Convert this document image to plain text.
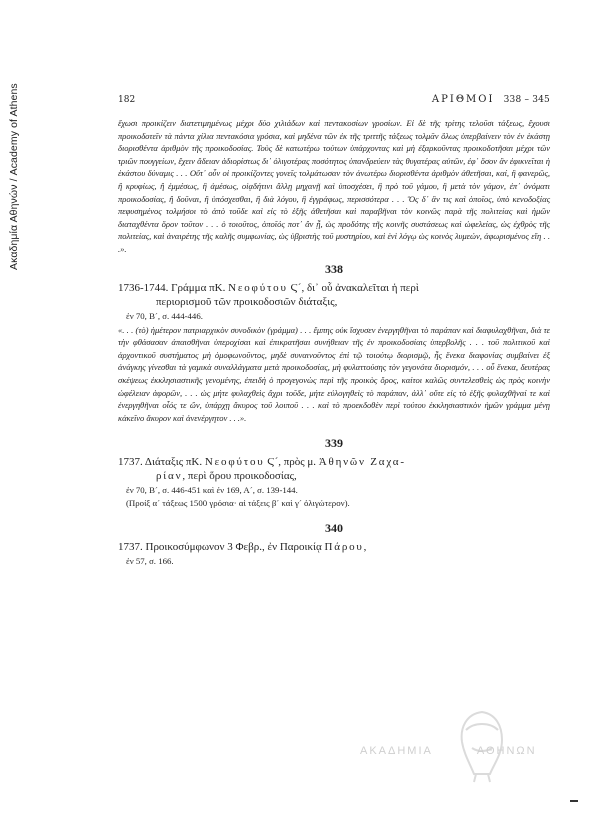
Ακαδημία Αθηνών / Academy of Athens	182	ΑΡΙΘΜΟΙ 338 – 345

ἔχωσι προικίζειν διατετιμημένως μέχρι δύο χιλιάδων καὶ πεντακοσίων γροσίων. Εἰ δὲ τῆς τρίτης τελοῦσι τάξεως, ἔχουσι προικοδοτεῖν τὰ πάντα χίλια πεντακόσια γρόσια, καὶ μηδένα τῶν ἐκ τῆς τριττῆς τάξεως τολμᾶν ὅλως ὑπερβαίνειν τὸν ἐν ἑκάστῃ διορισθέντα ἀριθμὸν τῆς προικοδοσίας. Τοὺς δὲ κατωτέρω τούτων ὑπάρχοντας καὶ μὴ ἐξαρκοῦντας προικοδοτῆσαι μέχρι τῶν τριῶν πουγγείων, ἔχειν ἄδειαν ἀδιορίστως δι᾽ ὀλιγοτέρας ποσότητος ὑπανδρεύειν τὰς θυγατέρας αὐτῶν, ἐφ᾽ ὅσον ἂν ἐφικνεῖται ἡ ἑκάστου δύναμις . . . Οὔτ᾽ οὖν οἱ προικίζοντες γονεῖς τολμάτωσαν τὸν ἀνωτέρω διορισθέντα ἀριθμὸν ἀθετῆσαι, καί, ἢ φανερῶς, ἢ κρυφίως, ἢ ἐμμέσως, ἢ ἀμέσως, οἱᾳδήτινι ἄλλῃ μηχανῇ καὶ ὑποσχέσει, ἢ πρὸ τοῦ γάμου, ἢ μετὰ τὸν γάμον, ἐπ᾽ ὀνόματι προικοδοσίας, ἢ δοῦναι, ἢ ὑπόσχεσθαι, ἢ διὰ λόγου, ἢ ἐγγράφως, περισσότερα . . . Ὅς δ᾽ ἂν τις καὶ ὁποῖος, ὑπὸ κενοδοξίας πεφυσημένος τολμήσοι τὸ ἀπὸ τοῦδε καὶ εἰς τὸ ἑξῆς ἀθετῆσαι καὶ παραβῆναι τὸν κοινῶς παρὰ τῆς πολιτείας καὶ ἡμῶν διαταχθέντα ὅρον τοῦτον . . . ὁ τοιοῦτος, ὁποῖός ποτ᾽ ἂν ᾖ, ὡς προδότης τῆς κοινῆς συστάσεως καὶ ὠφελείας, ὡς ἐχθρὸς τῆς πολιτείας, καὶ ἀναιρέτης τῆς καλῆς συμφωνίας, ὡς ὑβριστὴς τοῦ μυστηρίου, καὶ ἑνὶ λόγῳ ὡς κοινὸς λυμεών, ἀφωρισμένος εἴη . . .».

338

1736-1744. Γράμμα πΚ. Νεοφύτου Ϛ´, δι᾽ οὗ ἀνακαλεῖται ἡ περὶ
περιορισμοῦ τῶν προικοδοσιῶν διάταξις,

ἐν 70, Β´, σ. 444-446.

«. . . (τὸ) ἡμέτερον πατριαρχικὸν συνοδικὸν (γράμμα) . . . ἔμπης οὐκ ἴσχυσεν ἐνεργηθῆναι τὸ παράπαν καὶ διαφυλαχθῆναι, διὰ τε τὴν φθάσασαν ἀπαισθῆναι ὑπεροχίσαι καὶ ἐπικρατῆσαι συνήθειαν τῆς ἐν προικοδοσίαις ὑπερβολῆς . . . τοῦ πολιτικοῦ καὶ ἀρχοντικοῦ συστήματος μὴ ὁμοφωνοῦντος, μηδὲ συναινοῦντος ἐπὶ τῷ τοιούτῳ διορισμῷ, ἧς ἕνεκα διαφονίας συμβαίνει ἐξ ἀνάγκης γίνεσθαι τὰ γαμικὰ συναλλάγματα μετὰ προικοδοσίας, μὴ φυλαττούσης τὸν γεγονότα διορισμόν, . . . οὗ ἕνεκα, δευτέρας σκέψεως ἐκκλησιαστικῆς γενομένης, ἐπειδὴ ὁ προγεγονὼς περὶ τῆς προικὸς ὅρος, καίτοι καλῶς συντελεσθεὶς ὡς πρὸς κοινὴν ὠφέλειαν ἀφορῶν, . . . ὡς μήτε φυλαχθεὶς ἄχρι τοῦδε, μήτε εὐλογηθεὶς τὸ παράπαν, ἀλλ᾽ οὔτε εἰς τὸ ἑξῆς φυλαχθῆναί τε καὶ ἐνεργηθῆναι οἷός τε ὤν, ὑπάρχῃ ἄκυρος τοῦ λοιποῦ . . . καὶ τὸ προεκδοθὲν περὶ τούτου ἐκκλησιαστικὸν ἡμῶν γράμμα μένῃ κἀκεῖνο ἄκυρον καὶ ἀνενέργητον . . .».

339

1737. Διάταξις πΚ. Νεοφύτου Ϛ´, πρὸς μ. Ἀθηνῶν Ζαχα-
ρίαν, περὶ ὅρου προικοδοσίας,

ἐν 70, Β´, σ. 446-451 καὶ ἐν 169, Α´, σ. 139-144.
(Προίξ α´ τάξεως 1500 γρόσια· αἱ τάξεις β´ καὶ γ´ ὀλιγώτερον).
340

1737. Προικοσύμφωνον 3 Φεβρ., ἐν Παροικίᾳ Πάρου,

ἐν 57, σ. 166.
ΑΚΑΔΗΜΙΑ	ΑΘΗΝΩΝ
